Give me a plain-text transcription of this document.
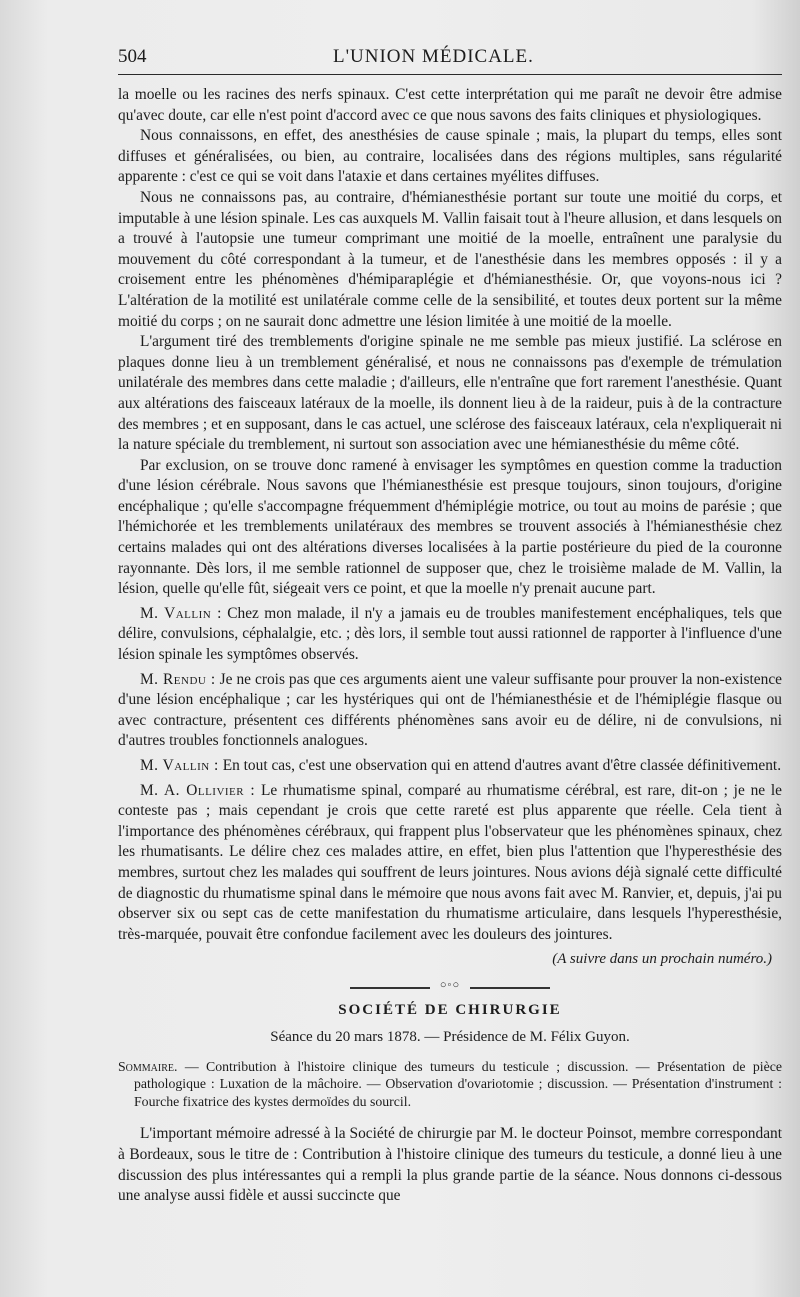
504	L'UNION MÉDICALE.

la moelle ou les racines des nerfs spinaux. C'est cette interprétation qui me paraît ne devoir être admise qu'avec doute, car elle n'est point d'accord avec ce que nous savons des faits cliniques et physiologiques.

Nous connaissons, en effet, des anesthésies de cause spinale ; mais, la plupart du temps, elles sont diffuses et généralisées, ou bien, au contraire, localisées dans des régions multiples, sans régularité apparente : c'est ce qui se voit dans l'ataxie et dans certaines myélites diffuses.

Nous ne connaissons pas, au contraire, d'hémianesthésie portant sur toute une moitié du corps, et imputable à une lésion spinale. Les cas auxquels M. Vallin faisait tout à l'heure allusion, et dans lesquels on a trouvé à l'autopsie une tumeur comprimant une moitié de la moelle, entraînent une paralysie du mouvement du côté correspondant à la tumeur, et de l'anesthésie dans les membres opposés : il y a croisement entre les phénomènes d'hémiparaplégie et d'hémianesthésie. Or, que voyons-nous ici ? L'altération de la motilité est unilatérale comme celle de la sensibilité, et toutes deux portent sur la même moitié du corps ; on ne saurait donc admettre une lésion limitée à une moitié de la moelle.

L'argument tiré des tremblements d'origine spinale ne me semble pas mieux justifié. La sclérose en plaques donne lieu à un tremblement généralisé, et nous ne connaissons pas d'exemple de trémulation unilatérale des membres dans cette maladie ; d'ailleurs, elle n'entraîne que fort rarement l'anesthésie. Quant aux altérations des faisceaux latéraux de la moelle, ils donnent lieu à de la raideur, puis à de la contracture des membres ; et en supposant, dans le cas actuel, une sclérose des faisceaux latéraux, cela n'expliquerait ni la nature spéciale du tremblement, ni surtout son association avec une hémianesthésie du même côté.

Par exclusion, on se trouve donc ramené à envisager les symptômes en question comme la traduction d'une lésion cérébrale. Nous savons que l'hémianesthésie est presque toujours, sinon toujours, d'origine encéphalique ; qu'elle s'accompagne fréquemment d'hémiplégie motrice, ou tout au moins de parésie ; que l'hémichorée et les tremblements unilatéraux des membres se trouvent associés à l'hémianesthésie chez certains malades qui ont des altérations diverses localisées à la partie postérieure du pied de la couronne rayonnante. Dès lors, il me semble rationnel de supposer que, chez le troisième malade de M. Vallin, la lésion, quelle qu'elle fût, siégeait vers ce point, et que la moelle n'y prenait aucune part.

M. Vallin : Chez mon malade, il n'y a jamais eu de troubles manifestement encéphaliques, tels que délire, convulsions, céphalalgie, etc. ; dès lors, il semble tout aussi rationnel de rapporter à l'influence d'une lésion spinale les symptômes observés.

M. Rendu : Je ne crois pas que ces arguments aient une valeur suffisante pour prouver la non-existence d'une lésion encéphalique ; car les hystériques qui ont de l'hémianesthésie et de l'hémiplégie flasque ou avec contracture, présentent ces différents phénomènes sans avoir eu de délire, ni de convulsions, ni d'autres troubles fonctionnels analogues.

M. Vallin : En tout cas, c'est une observation qui en attend d'autres avant d'être classée définitivement.

M. A. Ollivier : Le rhumatisme spinal, comparé au rhumatisme cérébral, est rare, dit-on ; je ne le conteste pas ; mais cependant je crois que cette rareté est plus apparente que réelle. Cela tient à l'importance des phénomènes cérébraux, qui frappent plus l'observateur que les phénomènes spinaux, chez les rhumatisants. Le délire chez ces malades attire, en effet, bien plus l'attention que l'hyperesthésie des membres, surtout chez les malades qui souffrent de leurs jointures. Nous avions déjà signalé cette difficulté de diagnostic du rhumatisme spinal dans le mémoire que nous avons fait avec M. Ranvier, et, depuis, j'ai pu observer six ou sept cas de cette manifestation du rhumatisme articulaire, dans lesquels l'hyperesthésie, très-marquée, pouvait être confondue facilement avec les douleurs des jointures.

(A suivre dans un prochain numéro.)

○◦○
SOCIÉTÉ DE CHIRURGIE
Séance du 20 mars 1878. — Présidence de M. Félix Guyon.

Sommaire. — Contribution à l'histoire clinique des tumeurs du testicule ; discussion. — Présentation de pièce pathologique : Luxation de la mâchoire. — Observation d'ovariotomie ; discussion. — Présentation d'instrument : Fourche fixatrice des kystes dermoïdes du sourcil.

L'important mémoire adressé à la Société de chirurgie par M. le docteur Poinsot, membre correspondant à Bordeaux, sous le titre de : Contribution à l'histoire clinique des tumeurs du testicule, a donné lieu à une discussion des plus intéressantes qui a rempli la plus grande partie de la séance. Nous donnons ci-dessous une analyse aussi fidèle et aussi succincte que
